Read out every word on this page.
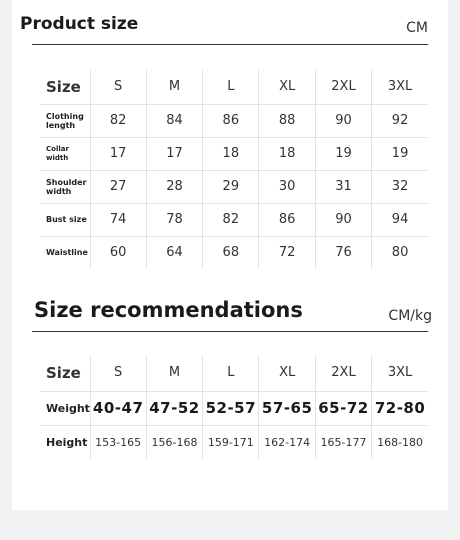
Product size	CM
Size	S	M	L	XL	2XL	3XL
Clothing length	82	84	86	88	90	92
Collar width	17	17	18	18	19	19
Shoulder width	27	28	29	30	31	32
Bust size	74	78	82	86	90	94
Waistline	60	64	68	72	76	80
Size recommendations	CM/kg
Size	S	M	L	XL	2XL	3XL
Weight	40-47	47-52	52-57	57-65	65-72	72-80
Height	153-165	156-168	159-171	162-174	165-177	168-180
